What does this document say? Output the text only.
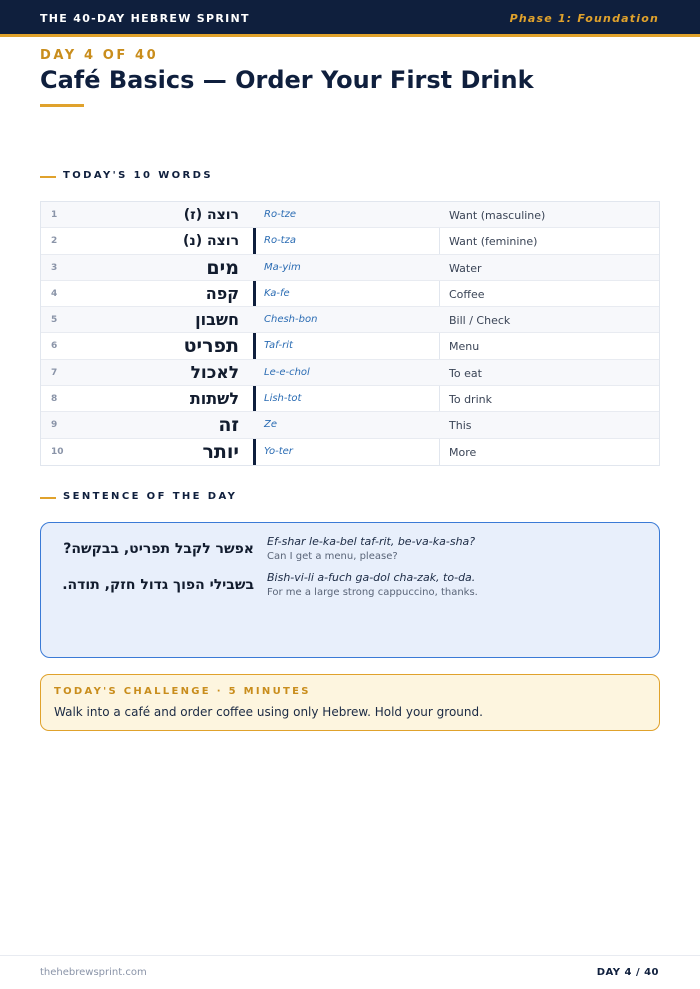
THE 40-DAY HEBREW SPRINT	Phase 1: Foundation
DAY 4 OF 40
Café Basics — Order Your First Drink
TODAY'S 10 WORDS
1	רוצה (ז)	Ro-tze	Want (masculine)
2	רוצה (נ)	Ro-tza	Want (feminine)
3	מים	Ma-yim	Water
4	קפה	Ka-fe	Coffee
5	חשבון	Chesh-bon	Bill / Check
6	תפריט	Taf-rit	Menu
7	לאכול	Le-e-chol	To eat
8	לשתות	Lish-tot	To drink
9	זה	Ze	This
10	יותר	Yo-ter	More
SENTENCE OF THE DAY
אפשר לקבל תפריט, בבקשה? Ef-shar le-ka-bel taf-rit, be-va-ka-sha?
Can I get a menu, please?
בשבילי הפוך גדול חזק, תודה. Bish-vi-li a-fuch ga-dol cha-zak, to-da.
For me a large strong cappuccino, thanks.
TODAY'S CHALLENGE · 5 MINUTES
Walk into a café and order coffee using only Hebrew. Hold your ground.
thehebrewsprint.com	DAY 4 / 40
